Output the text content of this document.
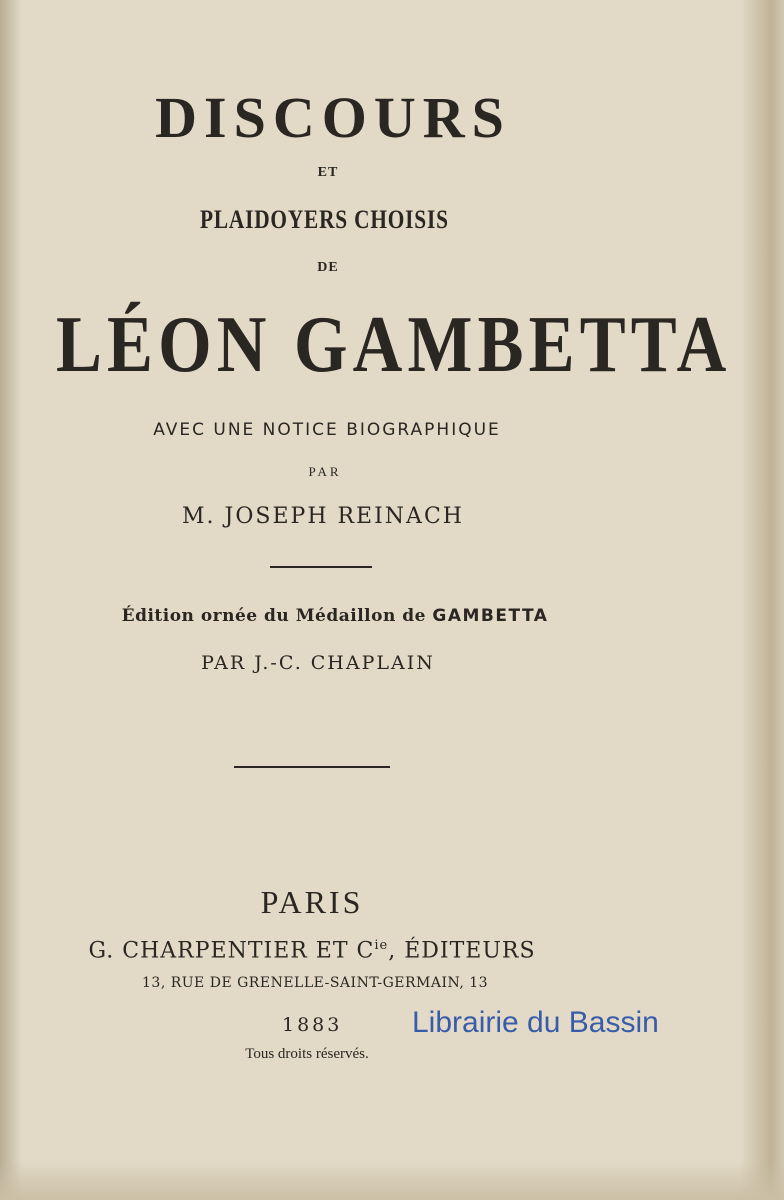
DISCOURS
ET
PLAIDOYERS CHOISIS
DE
LÉON GAMBETTA
AVEC UNE NOTICE BIOGRAPHIQUE
PAR
M. JOSEPH REINACH
Édition ornée du Médaillon de GAMBETTA
PAR J.-C. CHAPLAIN
PARIS
G. CHARPENTIER ET $C^{ie}$, ÉDITEURS
13, RUE DE GRENELLE-SAINT-GERMAIN, 13
1883
Tous droits réservés.
Librairie du Bassin
